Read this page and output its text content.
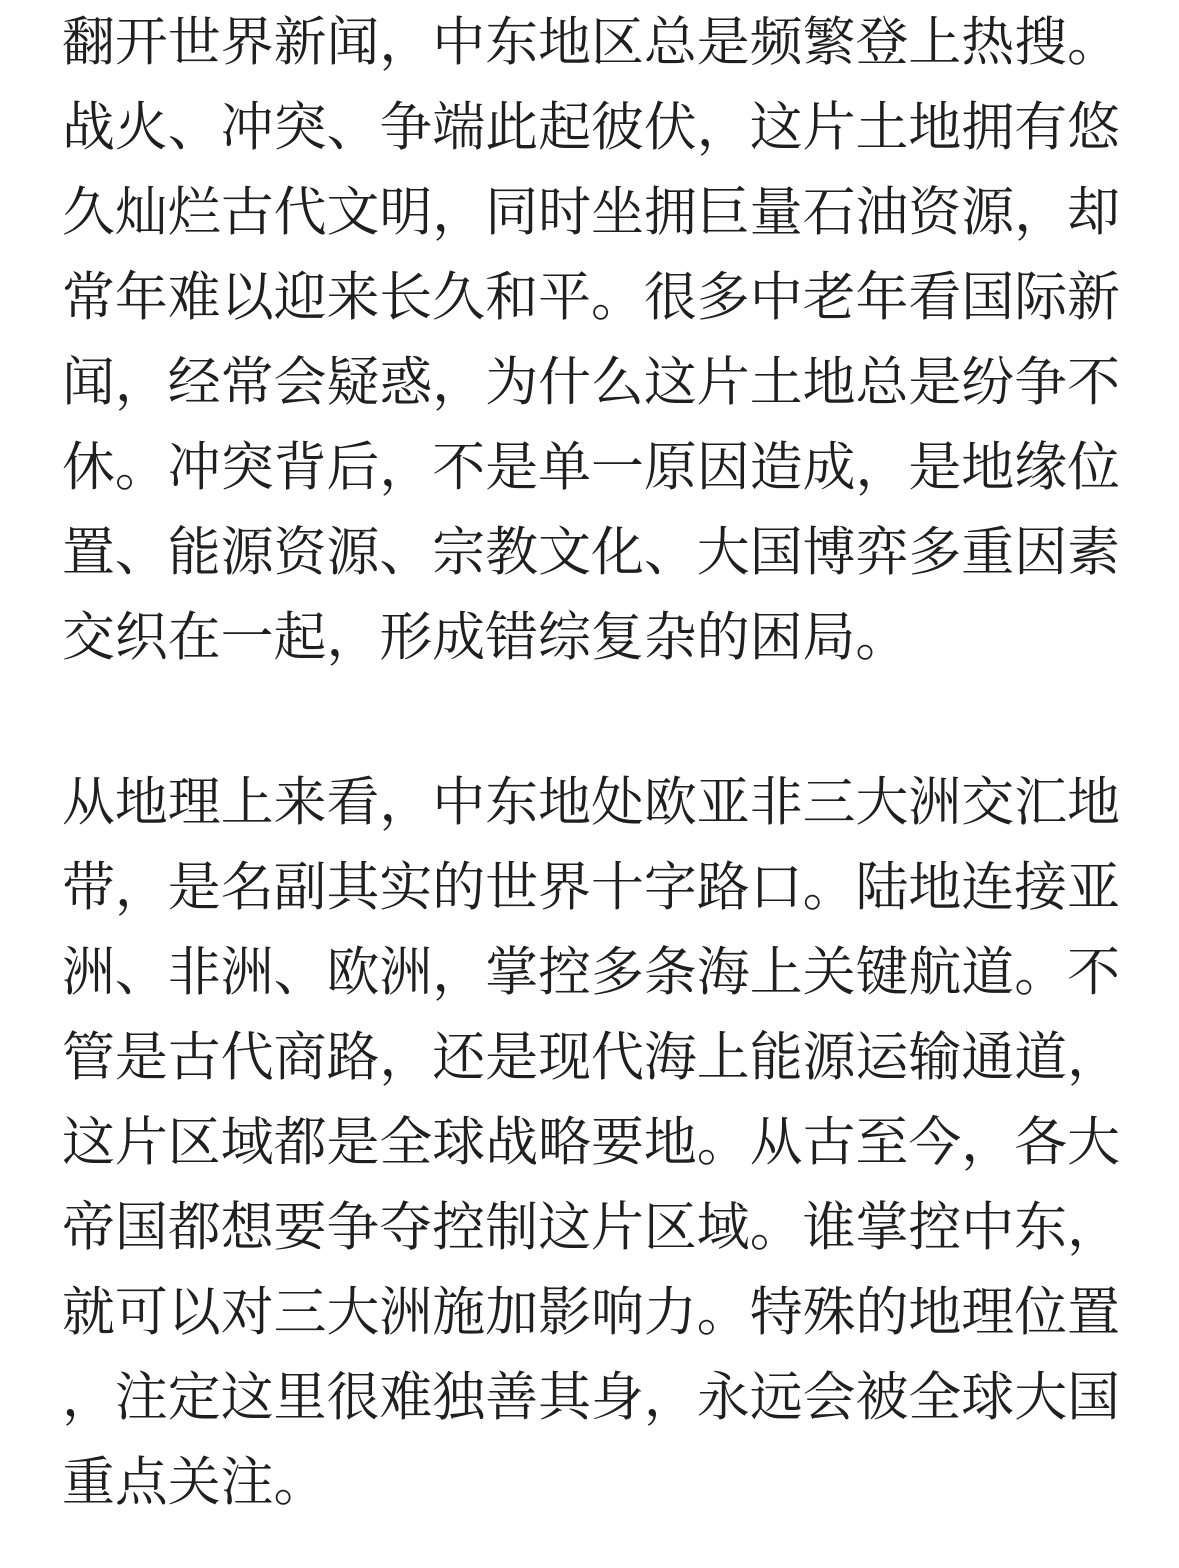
翻开世界新闻，中东地区总是频繁登上热搜。战火、冲突、争端此起彼伏，这片土地拥有悠久灿烂古代文明，同时坐拥巨量石油资源，却常年难以迎来长久和平。很多中老年看国际新闻，经常会疑惑，为什么这片土地总是纷争不休。冲突背后，不是单一原因造成，是地缘位置、能源资源、宗教文化、大国博弈多重因素交织在一起，形成错综复杂的困局。

从地理上来看，中东地处欧亚非三大洲交汇地带，是名副其实的世界十字路口。陆地连接亚洲、非洲、欧洲，掌控多条海上关键航道。不管是古代商路，还是现代海上能源运输通道，这片区域都是全球战略要地。从古至今，各大帝国都想要争夺控制这片区域。谁掌控中东，就可以对三大洲施加影响力。特殊的地理位置，注定这里很难独善其身，永远会被全球大国重点关注。
